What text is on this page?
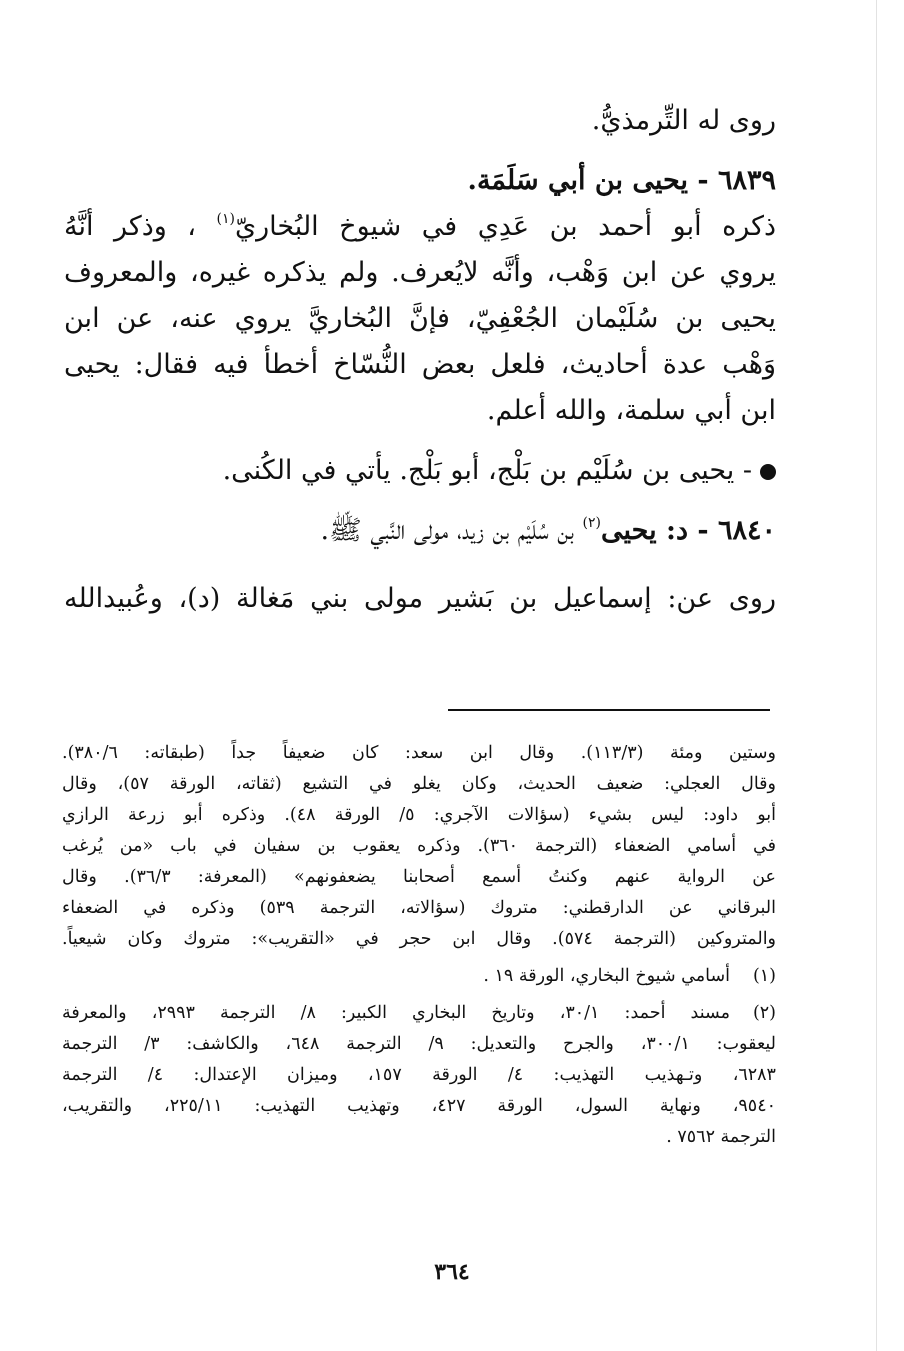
روى له التِّرمذيُّ.

٦٨٣٩ - يحيى بن أبي سَلَمَة.

ذكره أبو أحمد بن عَدِي في شيوخ البُخاريّ$^{(١)}$ ، وذكر أنَّهُ

يروي عن ابن وَهْب، وأنَّه لايُعرف. ولم يذكره غيره، والمعروف

يحيى بن سُلَيْمان الجُعْفِيّ، فإنَّ البُخاريَّ يروي عنه، عن ابن

وَهْب عدة أحاديث، فلعل بعض النُّسّاخ أخطأ فيه فقال: يحيى

ابن أبي سلمة، والله أعلم.

- يحيى بن سُلَيْم بن بَلْج، أبو بَلْج. يأتي في الكُنى.

٦٨٤٠ - د: يحيى$^{(٢)}$ بن سُلَيْم بن زيد، مولى النَّبي ﷺ.

روى عن: إسماعيل بن بَشير مولى بني مَغالة (د)، وعُبيدالله

وستين ومئة (١١٣/٣). وقال ابن سعد: كان ضعيفاً جداً (طبقاته: ٣٨٠/٦).

وقال العجلي: ضعيف الحديث، وكان يغلو في التشيع (ثقاته، الورقة ٥٧)، وقال

أبو داود: ليس بشيء (سؤالات الآجري: ٥/ الورقة ٤٨). وذكره أبو زرعة الرازي

في أسامي الضعفاء (الترجمة ٣٦٠). وذكره يعقوب بن سفيان في باب «من يُرغب

عن الرواية عنهم وكنتُ أسمع أصحابنا يضعفونهم» (المعرفة: ٣٦/٣). وقال

البرقاني عن الدارقطني: متروك (سؤالاته، الترجمة ٥٣٩) وذكره في الضعفاء

والمتروكين (الترجمة ٥٧٤). وقال ابن حجر في «التقريب»: متروك وكان شيعياً.

(١)
أسامي شيوخ البخاري، الورقة ١٩ .
(٢)
مسند أحمد: ٣٠/١، وتاريخ البخاري الكبير: ٨/ الترجمة ٢٩٩٣، والمعرفة

ليعقوب: ٣٠٠/١، والجرح والتعديل: ٩/ الترجمة ٦٤٨، والكاشف: ٣/ الترجمة

٦٢٨٣، وتـهذيب التهذيب: ٤/ الورقة ١٥٧، وميزان الإعتدال: ٤/ الترجمة

٩٥٤٠، ونهاية السول، الورقة ٤٢٧، وتهذيب التهذيب: ٢٢٥/١١، والتقريب،

الترجمة ٧٥٦٢ .

٣٦٤
